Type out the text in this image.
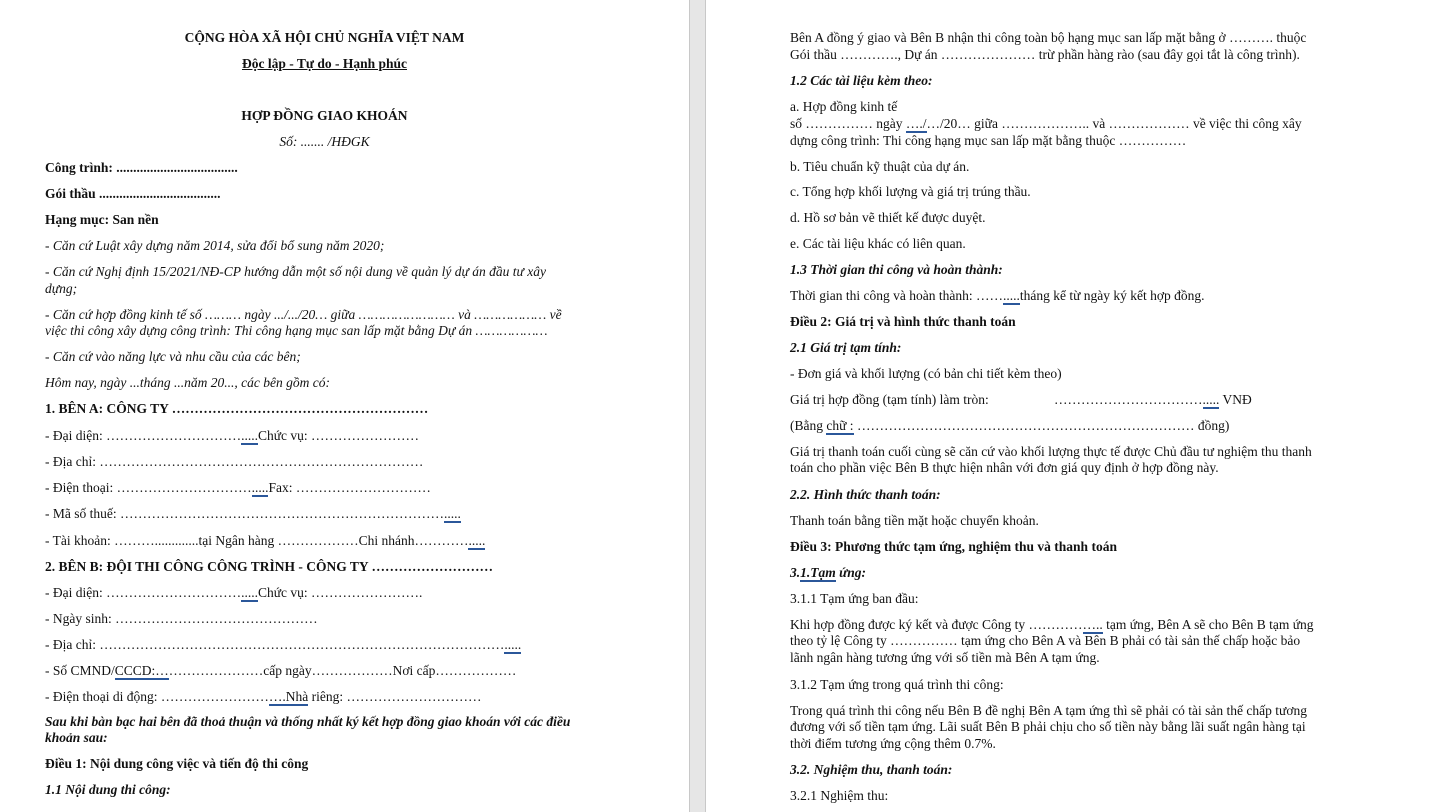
CỘNG HÒA XÃ HỘI CHỦ NGHĨA VIỆT NAM
Độc lập - Tự do - Hạnh phúc
HỢP ĐỒNG GIAO KHOÁN
Số: ....... /HĐGK
Công trình: ....................................
Gói thầu ....................................
Hạng mục: San nền
- Căn cứ Luật xây dựng năm 2014, sửa đổi bổ sung năm 2020;
- Căn cứ Nghị định 15/2021/NĐ-CP hướng dẫn một số nội dung về quản lý dự án đầu tư xây
dựng;
- Căn cứ hợp đồng kinh tế số ……… ngày .../.../20… giữa …………………… và ……………… về
việc thi công xây dựng công trình: Thi công hạng mục san lấp mặt bằng Dự án ………………
- Căn cứ vào năng lực và nhu cầu của các bên;
Hôm nay, ngày ...tháng ...năm 20..., các bên gồm có:
1. BÊN A: CÔNG TY …………………………………………………
- Đại diện: ………………………….....Chức vụ: ……………………
- Địa chỉ: ………………………………………………………………
- Điện thoại: ………………………….....Fax: …………………………
- Mã số thuế: ……………………………………………………………….....
- Tài khoản: ……….............tại Ngân hàng ………………Chi nhánh………….....
2. BÊN B: ĐỘI THI CÔNG CÔNG TRÌNH - CÔNG TY ………………………
- Đại diện: ………………………….....Chức vụ: …………………….
- Ngày sinh: ………………………………………
- Địa chỉ: ……………………………………………………………………………….....
- Số CMND/CCCD:……………………cấp ngày………………Nơi cấp………………
- Điện thoại di động: ……………………….Nhà riêng: …………………………
Sau khi bàn bạc hai bên đã thoả thuận và thống nhất ký kết hợp đồng giao khoán với các điều
khoản sau:
Điều 1: Nội dung công việc và tiến độ thi công
1.1 Nội dung thi công:
Bên A đồng ý giao và Bên B nhận thi công toàn bộ hạng mục san lấp mặt bằng ở ………. thuộc
Gói thầu …………., Dự án ………………… trừ phần hàng rào (sau đây gọi tắt là công trình).
1.2 Các tài liệu kèm theo:
a. Hợp đồng kinh tế
số …………… ngày …./…/20… giữa ……………….. và ……………… về việc thi công xây
dựng công trình: Thi công hạng mục san lấp mặt bằng thuộc ……………
b. Tiêu chuẩn kỹ thuật của dự án.
c. Tổng hợp khối lượng và giá trị trúng thầu.
d. Hồ sơ bản vẽ thiết kế được duyệt.
e. Các tài liệu khác có liên quan.
1.3 Thời gian thi công và hoàn thành:
Thời gian thi công và hoàn thành: …….....tháng kể từ ngày ký kết hợp đồng.
Điều 2: Giá trị và hình thức thanh toán
2.1 Giá trị tạm tính:
- Đơn giá và khối lượng (có bản chi tiết kèm theo)
Giá trị hợp đồng (tạm tính) làm tròn:	……………………………..... VNĐ
(Bằng chữ : ………………………………………………………………… đồng)
Giá trị thanh toán cuối cùng sẽ căn cứ vào khối lượng thực tế được Chủ đầu tư nghiệm thu thanh
toán cho phần việc Bên B thực hiện nhân với đơn giá quy định ở hợp đồng này.
2.2. Hình thức thanh toán:
Thanh toán bằng tiền mặt hoặc chuyển khoản.
Điều 3: Phương thức tạm ứng, nghiệm thu và thanh toán
3.1.Tạm ứng:
3.1.1 Tạm ứng ban đầu:
Khi hợp đồng được ký kết và được Công ty …………….. tạm ứng, Bên A sẽ cho Bên B tạm ứng
theo tỷ lệ Công ty …………… tạm ứng cho Bên A và Bên B phải có tài sản thế chấp hoặc bảo
lãnh ngân hàng tương ứng với số tiền mà Bên A tạm ứng.
3.1.2 Tạm ứng trong quá trình thi công:
Trong quá trình thi công nếu Bên B đề nghị Bên A tạm ứng thì sẽ phải có tài sản thế chấp tương
đương với số tiền tạm ứng. Lãi suất Bên B phải chịu cho số tiền này bằng lãi suất ngân hàng tại
thời điểm tương ứng cộng thêm 0.7%.
3.2. Nghiệm thu, thanh toán:
3.2.1 Nghiệm thu:
